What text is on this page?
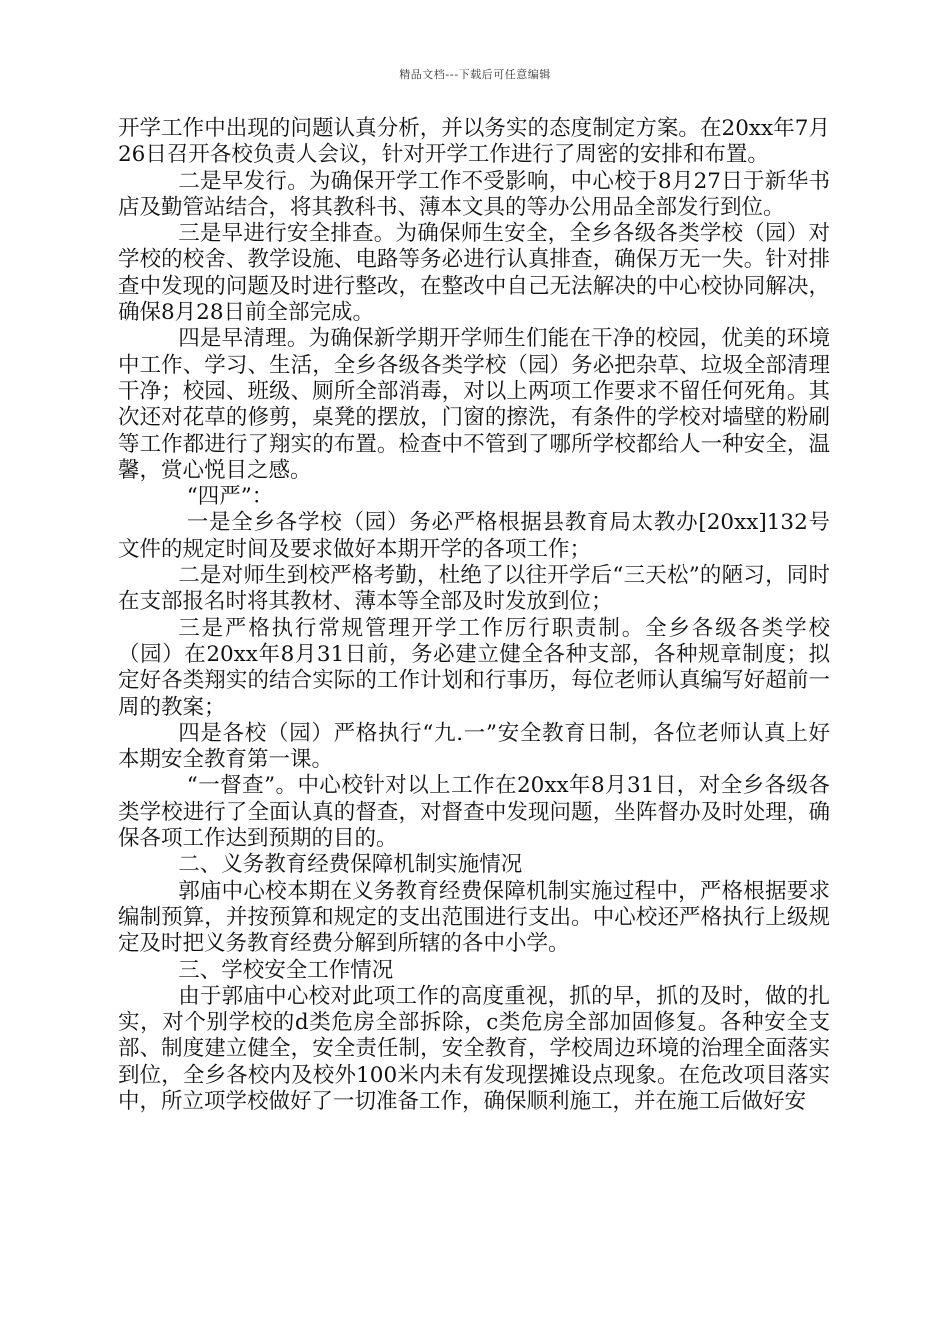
精品文档---下载后可任意编辑

开学工作中出现的问题认真分析，并以务实的态度制定方案。在20xx年7月26日召开各校负责人会议，针对开学工作进行了周密的安排和布置。

二是早发行。为确保开学工作不受影响，中心校于8月27日于新华书店及勤管站结合，将其教科书、薄本文具的等办公用品全部发行到位。

三是早进行安全排查。为确保师生安全，全乡各级各类学校（园）对学校的校舍、教学设施、电路等务必进行认真排查，确保万无一失。针对排查中发现的问题及时进行整改，在整改中自己无法解决的中心校协同解决，确保8月28日前全部完成。

四是早清理。为确保新学期开学师生们能在干净的校园，优美的环境中工作、学习、生活，全乡各级各类学校（园）务必把杂草、垃圾全部清理干净；校园、班级、厕所全部消毒，对以上两项工作要求不留任何死角。其次还对花草的修剪，桌凳的摆放，门窗的擦洗，有条件的学校对墙壁的粉刷等工作都进行了翔实的布置。检查中不管到了哪所学校都给人一种安全，温馨，赏心悦目之感。

“四严”：

一是全乡各学校（园）务必严格根据县教育局太教办[20xx]132号文件的规定时间及要求做好本期开学的各项工作；

二是对师生到校严格考勤，杜绝了以往开学后“三天松”的陋习，同时在支部报名时将其教材、薄本等全部及时发放到位；

三是严格执行常规管理开学工作厉行职责制。全乡各级各类学校（园）在20xx年8月31日前，务必建立健全各种支部，各种规章制度；拟定好各类翔实的结合实际的工作计划和行事历，每位老师认真编写好超前一周的教案；

四是各校（园）严格执行“九.一”安全教育日制，各位老师认真上好本期安全教育第一课。

“一督查”。中心校针对以上工作在20xx年8月31日，对全乡各级各类学校进行了全面认真的督查，对督查中发现问题，坐阵督办及时处理，确保各项工作达到预期的目的。

二、义务教育经费保障机制实施情况

郭庙中心校本期在义务教育经费保障机制实施过程中，严格根据要求编制预算，并按预算和规定的支出范围进行支出。中心校还严格执行上级规定及时把义务教育经费分解到所辖的各中小学。

三、学校安全工作情况

由于郭庙中心校对此项工作的高度重视，抓的早，抓的及时，做的扎实，对个别学校的d类危房全部拆除，c类危房全部加固修复。各种安全支部、制度建立健全，安全责任制，安全教育，学校周边环境的治理全面落实到位，全乡各校内及校外100米内未有发现摆摊设点现象。在危改项目落实中，所立项学校做好了一切准备工作，确保顺利施工，并在施工后做好安
